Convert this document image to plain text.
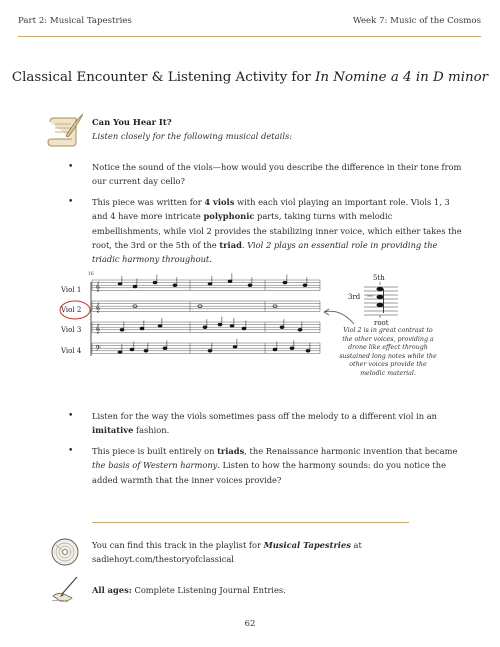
Part 2: Musical Tapestries	Week 7: Music of the Cosmos
Classical Encounter & Listening Activity for In Nomine a 4 in D minor
Can You Hear It?
Listen closely for the following musical details:
• Notice the sound of the viols—how would you describe the difference in their tone from our current day cello?
• This piece was written for 4 viols with each viol playing an important role. Viols 1, 3 and 4 have more intricate polyphonic parts, taking turns with melodic embellishments, while viol 2 provides the stabilizing inner voice, which either takes the root, the 3rd or the 5th of the triad. Viol 2 plays an essential role in providing the triadic harmony throughout.
16
Viol 1
Viol 2
Viol 3
Viol 4
𝄞
𝄞
𝄞
𝄢
5th
3rd
root
Viol 2 is in great contrast to the other voices, providing a drone like effect through sustained long notes while the other voices provide the melodic material.
• Listen for the way the viols sometimes pass off the melody to a different viol in an imitative fashion.
• This piece is built entirely on triads, the Renaissance harmonic invention that became the basis of Western harmony. Listen to how the harmony sounds: do you notice the added warmth that the inner voices provide?
You can find this track in the playlist for Musical Tapestries at
sadiehoyt.com/thestoryofclassical
All ages: Complete Listening Journal Entries.
62
